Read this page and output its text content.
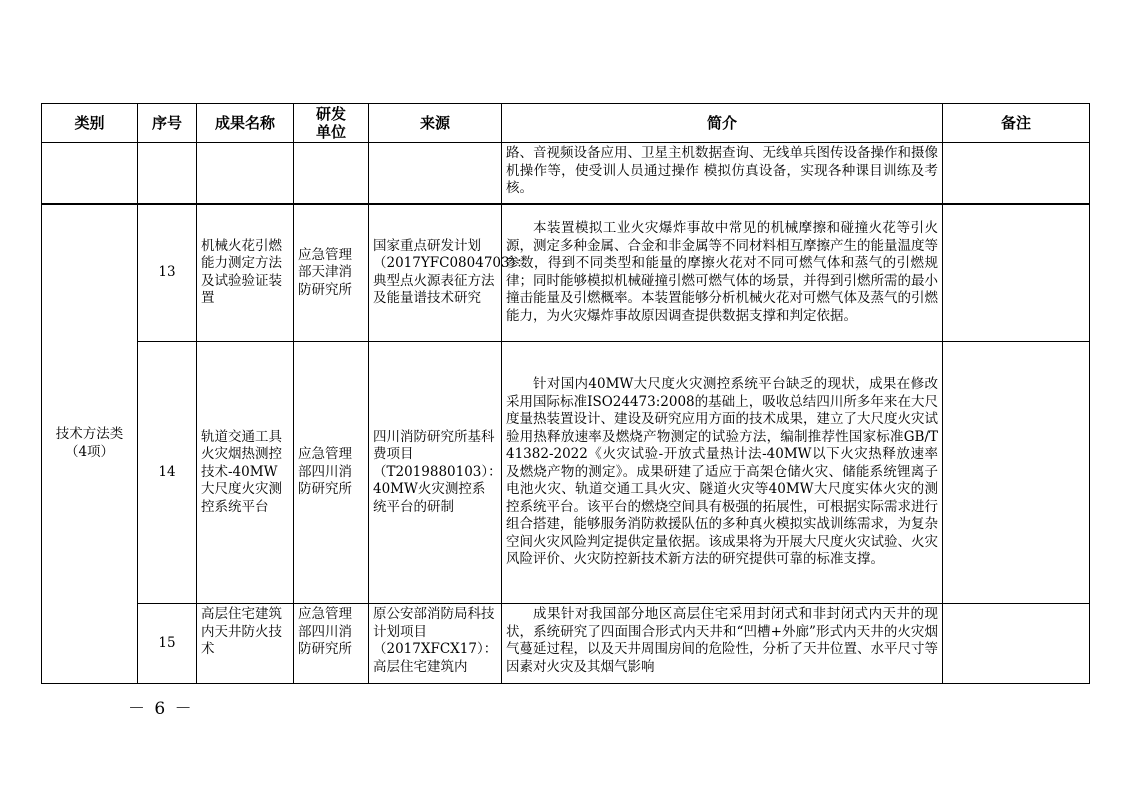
类别	序号	成果名称	研发单位	来源	简介	备注

					路、音视频设备应用、卫星主机数据查询、无线单兵图传设备操作和摄像机操作等，使受训人员通过操作 模拟仿真设备，实现各种课目训练及考核。	

技术方法类（4项）	13	机械火花引燃能力测定方法及试验验证装置	应急管理部天津消防研究所	国家重点研发计划（2017YFC0804703）：典型点火源表征方法及能量谱技术研究	本装置模拟工业火灾爆炸事故中常见的机械摩擦和碰撞火花等引火源，测定多种金属、合金和非金属等不同材料相互摩擦产生的能量温度等参数，得到不同类型和能量的摩擦火花对不同可燃气体和蒸气的引燃规律；同时能够模拟机械碰撞引燃可燃气体的场景，并得到引燃所需的最小撞击能量及引燃概率。本装置能够分析机械火花对可燃气体及蒸气的引燃能力，为火灾爆炸事故原因调查提供数据支撑和判定依据。	

	14	轨道交通工具火灾烟热测控技术-40MW大尺度火灾测控系统平台	应急管理部四川消防研究所	四川消防研究所基科费项目（T2019880103）：40MW火灾测控系统平台的研制	针对国内40MW大尺度火灾测控系统平台缺乏的现状，成果在修改采用国际标准ISO24473:2008的基础上，吸收总结四川所多年来在大尺度量热装置设计、建设及研究应用方面的技术成果，建立了大尺度火灾试验用热释放速率及燃烧产物测定的试验方法，编制推荐性国家标准GB/T 41382-2022《火灾试验-开放式量热计法-40MW以下火灾热释放速率及燃烧产物的测定》。成果研建了适应于高架仓储火灾、储能系统锂离子电池火灾、轨道交通工具火灾、隧道火灾等40MW大尺度实体火灾的测控系统平台。该平台的燃烧空间具有极强的拓展性，可根据实际需求进行组合搭建，能够服务消防救援队伍的多种真火模拟实战训练需求，为复杂空间火灾风险判定提供定量依据。该成果将为开展大尺度火灾试验、火灾风险评价、火灾防控新技术新方法的研究提供可靠的标准支撑。	

	15	高层住宅建筑内天井防火技术	应急管理部四川消防研究所	原公安部消防局科技计划项目（2017XFCX17）：高层住宅建筑内	成果针对我国部分地区高层住宅采用封闭式和非封闭式内天井的现状，系统研究了四面围合形式内天井和“凹槽+外廊”形式内天井的火灾烟气蔓延过程，以及天井周围房间的危险性，分析了天井位置、水平尺寸等因素对火灾及其烟气影响	

－ 6 －
